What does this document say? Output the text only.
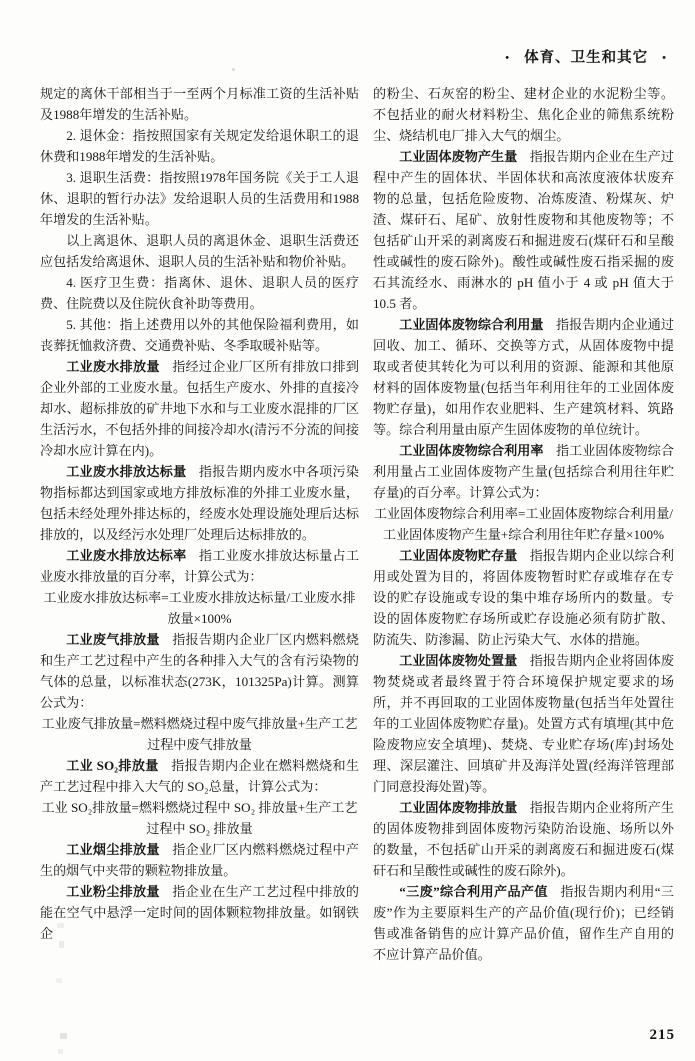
• 体育、卫生和其它 •

规定的离休干部相当于一至两个月标准工资的生活补贴及1988年增发的生活补贴。

2. 退休金：指按照国家有关规定发给退休职工的退休费和1988年增发的生活补贴。

3. 退职生活费：指按照1978年国务院《关于工人退休、退职的暂行办法》发给退职人员的生活费用和1988年增发的生活补贴。

以上离退休、退职人员的离退休金、退职生活费还应包括发给离退休、退职人员的生活补贴和物价补贴。

4. 医疗卫生费：指离休、退休、退职人员的医疗费、住院费以及住院伙食补助等费用。

5. 其他：指上述费用以外的其他保险福利费用，如丧葬抚恤救济费、交通费补贴、冬季取暖补贴等。

工业废水排放量 指经过企业厂区所有排放口排到企业外部的工业废水量。包括生产废水、外排的直接冷却水、超标排放的矿井地下水和与工业废水混排的厂区生活污水，不包括外排的间接冷却水(清污不分流的间接冷却水应计算在内)。

工业废水排放达标量 指报告期内废水中各项污染物指标都达到国家或地方排放标准的外排工业废水量，包括未经处理外排达标的，经废水处理设施处理后达标排放的，以及经污水处理厂处理后达标排放的。

工业废水排放达标率 指工业废水排放达标量占工业废水排放量的百分率，计算公式为：

工业废水排放达标率=工业废水排放达标量/工业废水排放量×100%

工业废气排放量 指报告期内企业厂区内燃料燃烧和生产工艺过程中产生的各种排入大气的含有污染物的气体的总量，以标准状态(273K，101325Pa)计算。测算公式为：

工业废气排放量=燃料燃烧过程中废气排放量+生产工艺过程中废气排放量

工业 SO₂排放量 指报告期内企业在燃料燃烧和生产工艺过程中排入大气的 SO₂总量，计算公式为：

工业 SO₂排放量=燃料燃烧过程中 SO₂ 排放量+生产工艺过程中 SO₂ 排放量

工业烟尘排放量 指企业厂区内燃料燃烧过程中产生的烟气中夹带的颗粒物排放量。

工业粉尘排放量 指企业在生产工艺过程中排放的能在空气中悬浮一定时间的固体颗粒物排放量。如钢铁企

的粉尘、石灰窑的粉尘、建材企业的水泥粉尘等。不包括业的耐火材料粉尘、焦化企业的筛焦系统粉尘、烧结机电厂排入大气的烟尘。

工业固体废物产生量 指报告期内企业在生产过程中产生的固体状、半固体状和高浓度液体状废弃物的总量，包括危险废物、冶炼废渣、粉煤灰、炉渣、煤矸石、尾矿、放射性废物和其他废物等；不包括矿山开采的剥离废石和掘进废石(煤矸石和呈酸性或碱性的废石除外)。酸性或碱性废石指采掘的废石其流经水、雨淋水的 pH 值小于 4 或 pH 值大于 10.5 者。

工业固体废物综合利用量 指报告期内企业通过回收、加工、循环、交换等方式，从固体废物中提取或者使其转化为可以利用的资源、能源和其他原材料的固体废物量(包括当年利用往年的工业固体废物贮存量)，如用作农业肥料、生产建筑材料、筑路等。综合利用量由原产生固体废物的单位统计。

工业固体废物综合利用率 指工业固体废物综合利用量占工业固体废物产生量(包括综合利用往年贮存量)的百分率。计算公式为：

工业固体废物综合利用率=工业固体废物综合利用量/工业固体废物产生量+综合利用往年贮存量×100%

工业固体废物贮存量 指报告期内企业以综合利用或处置为目的，将固体废物暂时贮存或堆存在专设的贮存设施或专设的集中堆存场所内的数量。专设的固体废物贮存场所或贮存设施必须有防扩散、防流失、防渗漏、防止污染大气、水体的措施。

工业固体废物处置量 指报告期内企业将固体废物焚烧或者最终置于符合环境保护规定要求的场所，并不再回取的工业固体废物量(包括当年处置往年的工业固体废物贮存量)。处置方式有填埋(其中危险废物应安全填埋)、焚烧、专业贮存场(库)封场处理、深层灌注、回填矿井及海洋处置(经海洋管理部门同意投海处置)等。

工业固体废物排放量 指报告期内企业将所产生的固体废物排到固体废物污染防治设施、场所以外的数量，不包括矿山开采的剥离废石和掘进废石(煤矸石和呈酸性或碱性的废石除外)。

“三废”综合利用产品产值 指报告期内利用“三废”作为主要原料生产的产品价值(现行价)；已经销售或准备销售的应计算产品价值，留作生产自用的不应计算产品价值。

215
